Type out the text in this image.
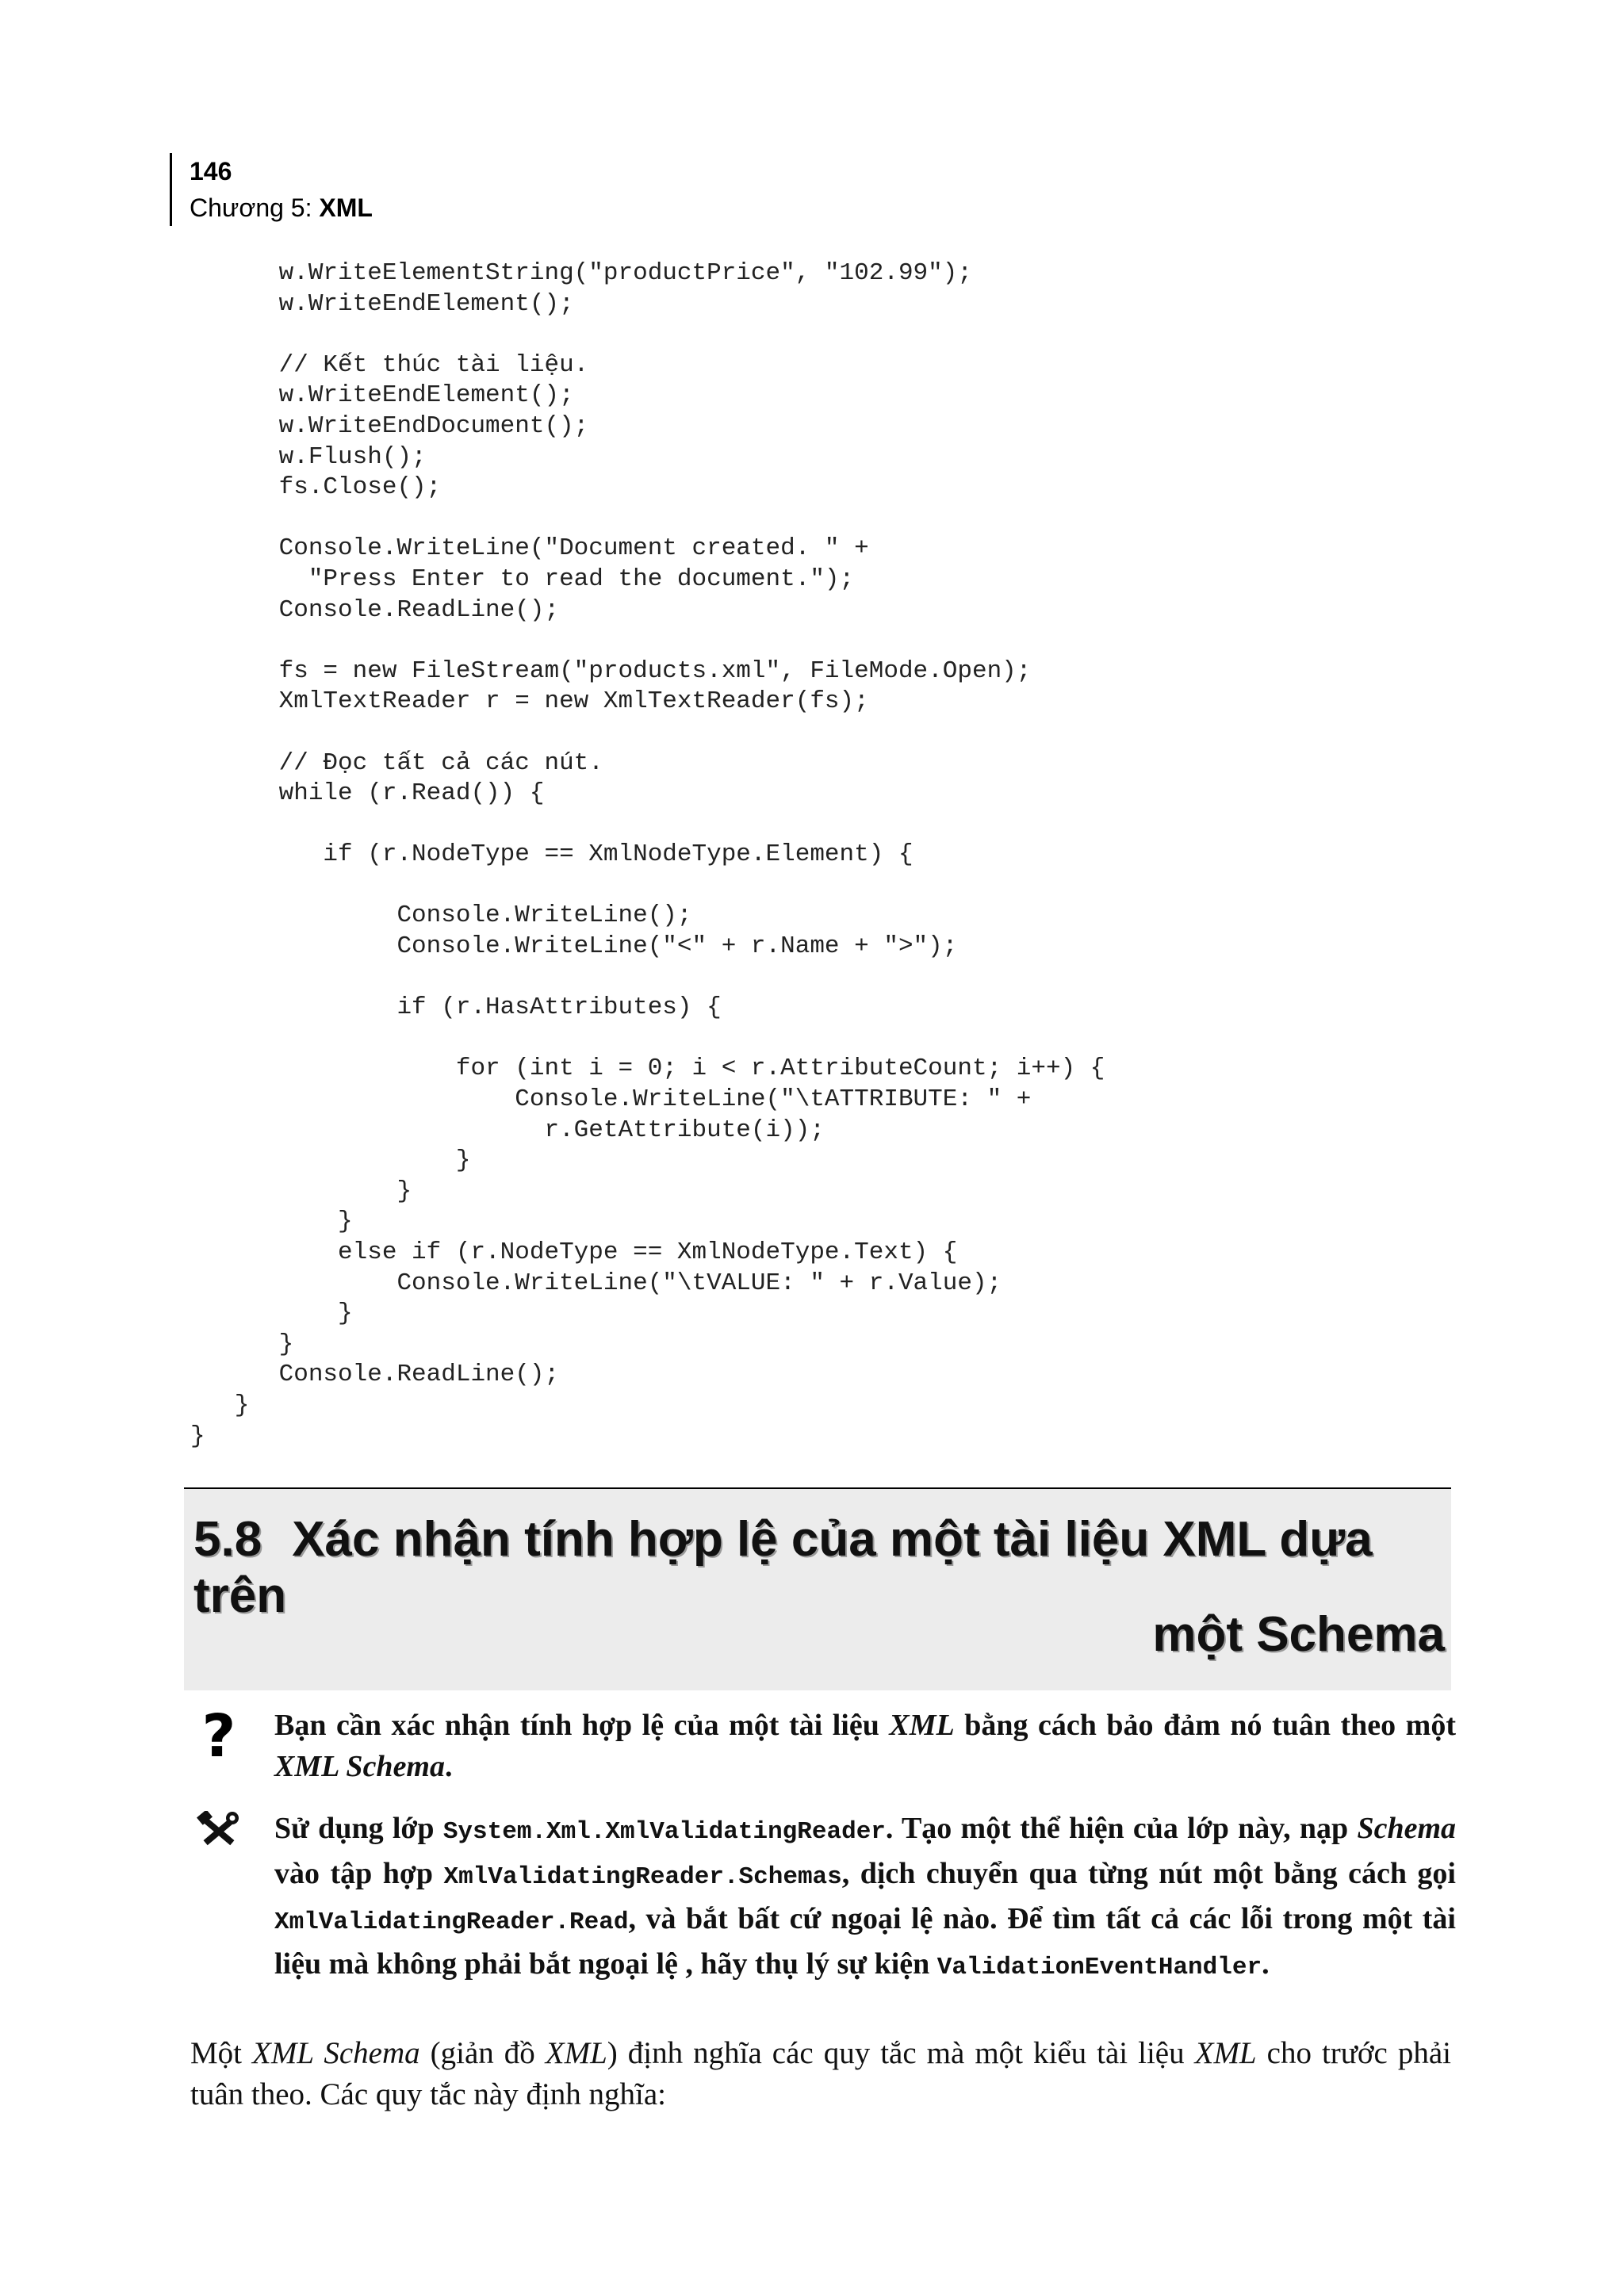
146
Chương 5: XML
w.WriteElementString("productPrice", "102.99");
w.WriteEndElement();
// Kết thúc tài liệu.
w.WriteEndElement();
w.WriteEndDocument();
w.Flush();
fs.Close();
Console.WriteLine("Document created. " +
"Press Enter to read the document.");
Console.ReadLine();
fs = new FileStream("products.xml", FileMode.Open);
XmlTextReader r = new XmlTextReader(fs);
// Đọc tất cả các nút.
while (r.Read()) {
if (r.NodeType == XmlNodeType.Element) {
Console.WriteLine();
Console.WriteLine("<" + r.Name + ">");
if (r.HasAttributes) {
for (int i = 0; i < r.AttributeCount; i++) {
Console.WriteLine("\tATTRIBUTE: " +
r.GetAttribute(i));
}
}
}
else if (r.NodeType == XmlNodeType.Text) {
Console.WriteLine("\tVALUE: " + r.Value);
}
}
Console.ReadLine();
}
}
5.8 Xác nhận tính hợp lệ của một tài liệu XML dựa trên
một Schema
? Bạn cần xác nhận tính hợp lệ của một tài liệu XML bằng cách bảo đảm nó tuân theo một XML Schema.
Sử dụng lớp System.Xml.XmlValidatingReader. Tạo một thể hiện của lớp này, nạp Schema vào tập hợp XmlValidatingReader.Schemas, dịch chuyển qua từng nút một bằng cách gọi XmlValidatingReader.Read, và bắt bất cứ ngoại lệ nào. Để tìm tất cả các lỗi trong một tài liệu mà không phải bắt ngoại lệ , hãy thụ lý sự kiện ValidationEventHandler.
Một XML Schema (giản đồ XML) định nghĩa các quy tắc mà một kiểu tài liệu XML cho trước phải tuân theo. Các quy tắc này định nghĩa:
